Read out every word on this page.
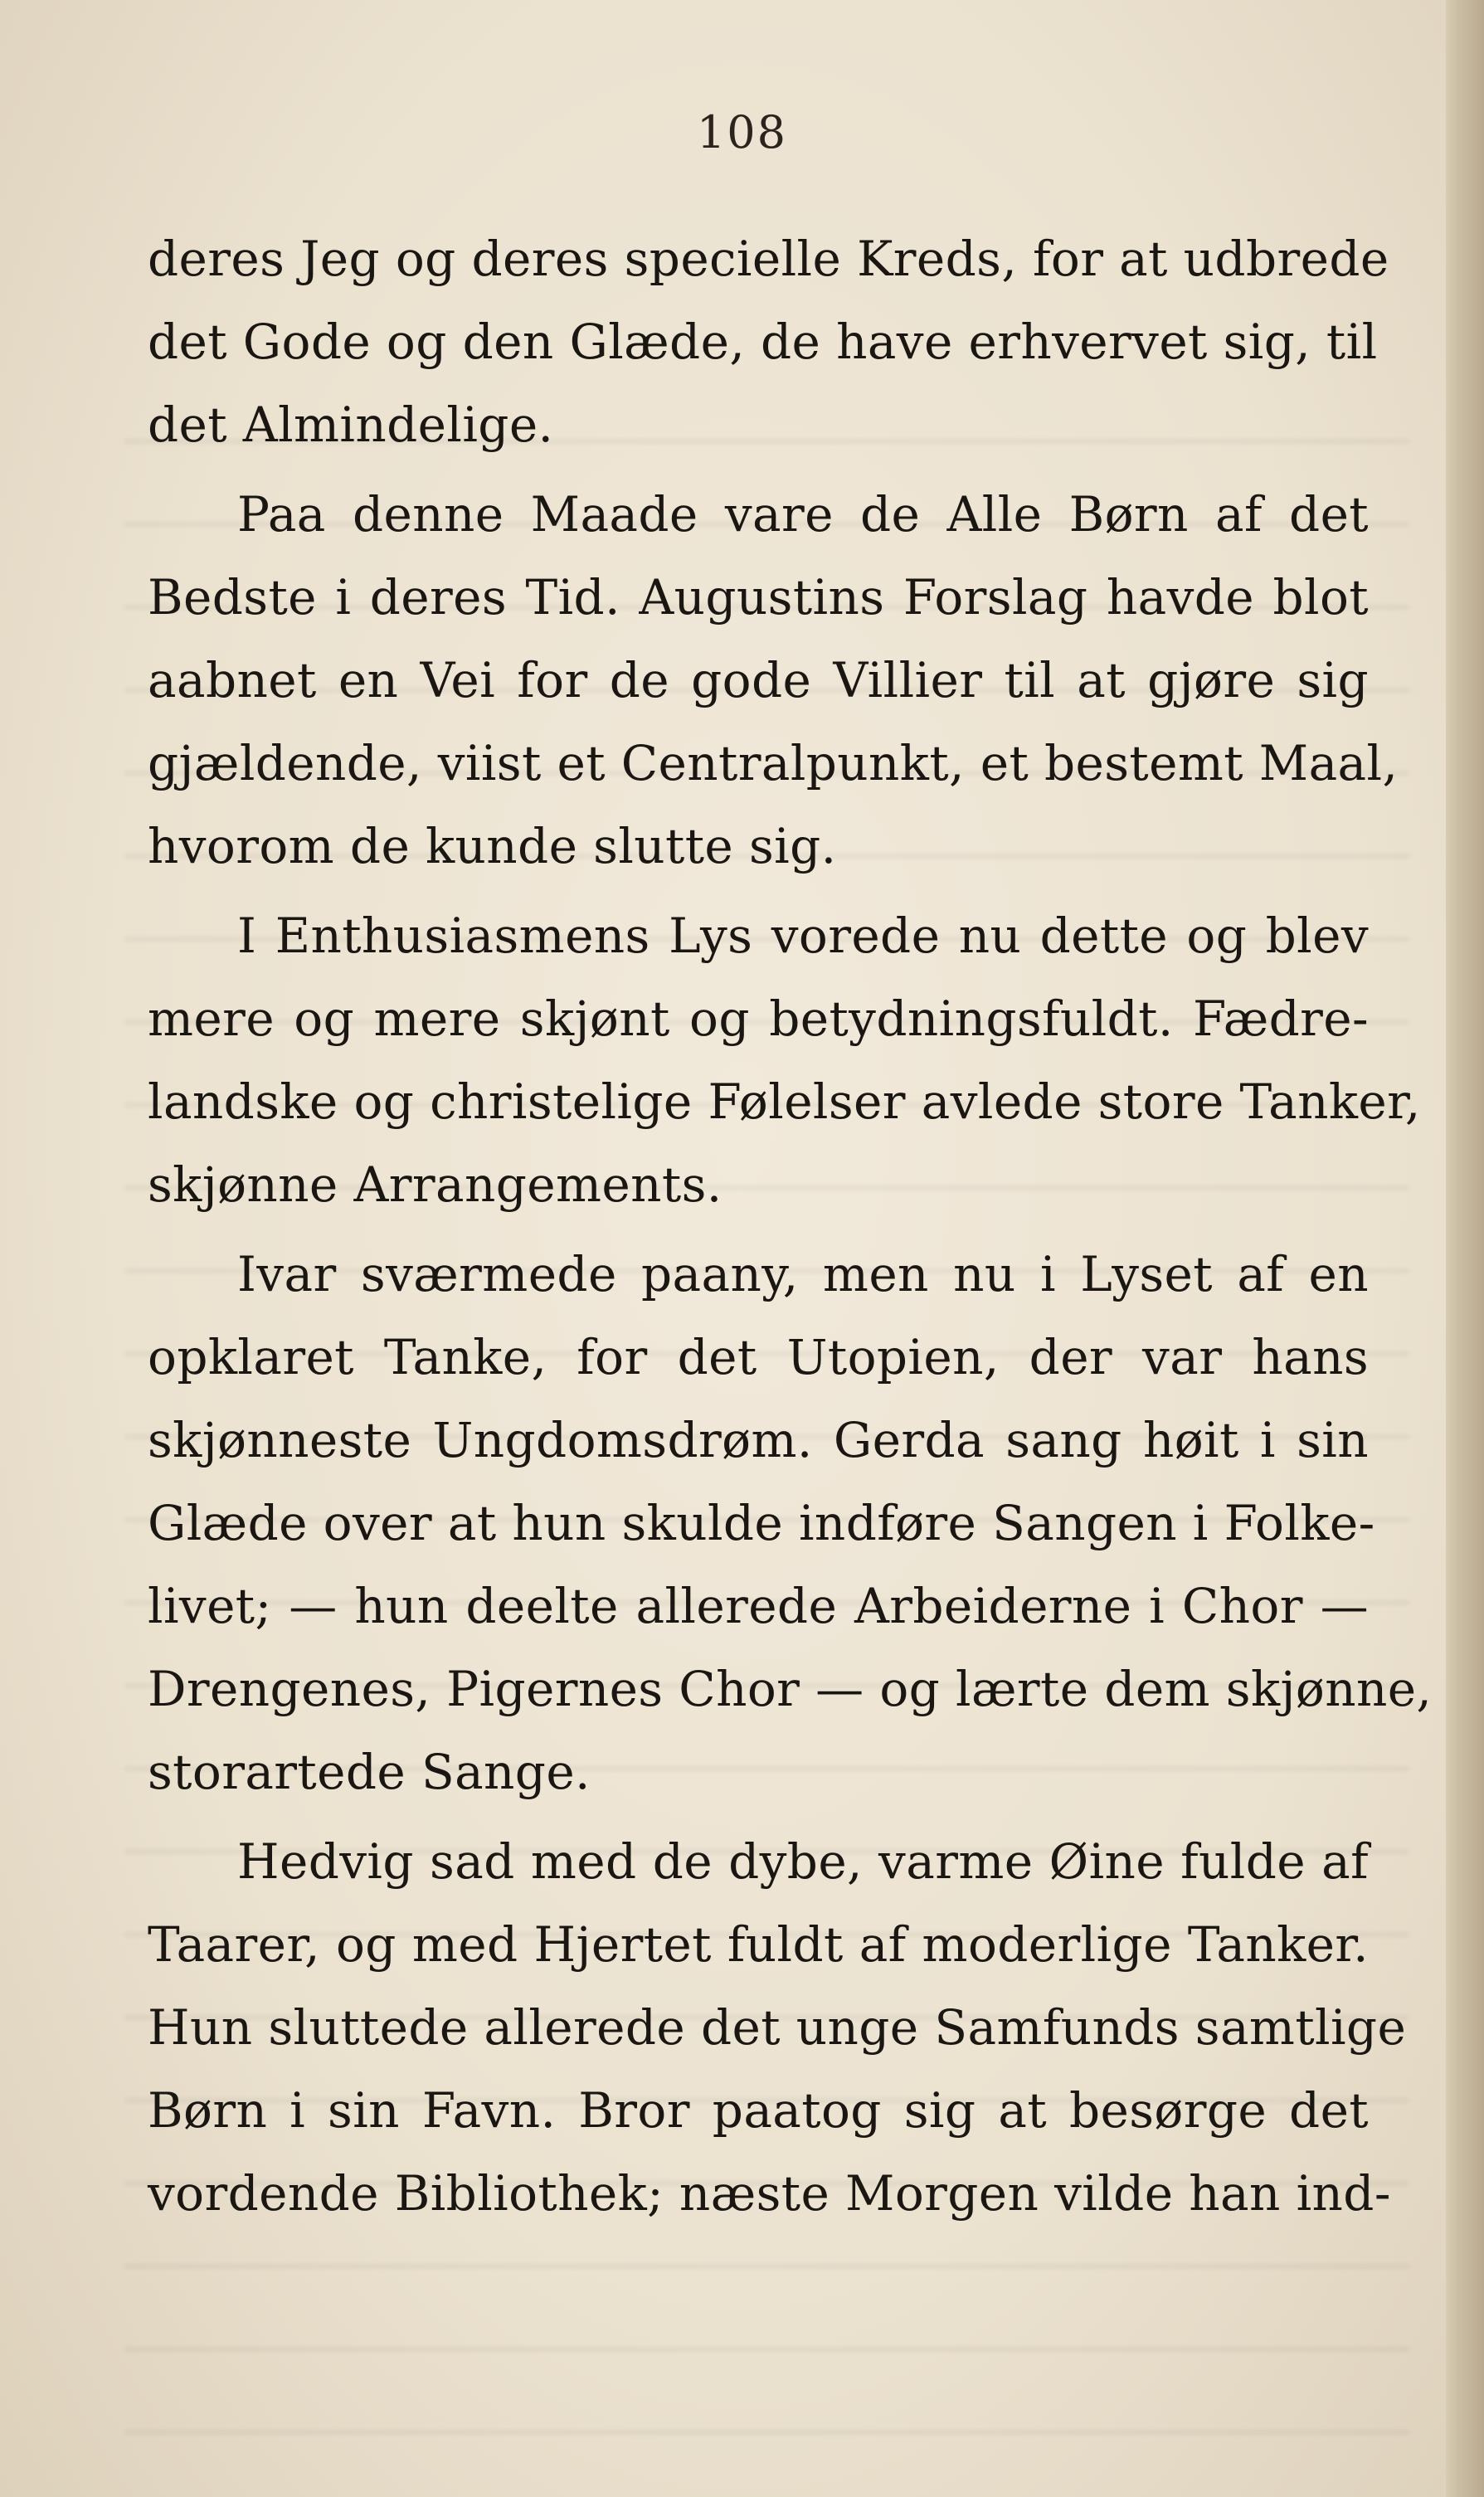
108
deres Jeg og deres specielle Kreds, for at udbrede
det Gode og den Glæde, de have erhvervet sig, til
det Almindelige.
Paa denne Maade vare de Alle Børn af det
Bedste i deres Tid. Augustins Forslag havde blot
aabnet en Vei for de gode Villier til at gjøre sig
gjældende, viist et Centralpunkt, et bestemt Maal,
hvorom de kunde slutte sig.
I Enthusiasmens Lys vorede nu dette og blev
mere og mere skjønt og betydningsfuldt. Fædre-
landske og christelige Følelser avlede store Tanker,
skjønne Arrangements.
Ivar sværmede paany, men nu i Lyset af en
opklaret Tanke, for det Utopien, der var hans
skjønneste Ungdomsdrøm. Gerda sang høit i sin
Glæde over at hun skulde indføre Sangen i Folke-
livet; — hun deelte allerede Arbeiderne i Chor —
Drengenes, Pigernes Chor — og lærte dem skjønne,
storartede Sange.
Hedvig sad med de dybe, varme Øine fulde af
Taarer, og med Hjertet fuldt af moderlige Tanker.
Hun sluttede allerede det unge Samfunds samtlige
Børn i sin Favn. Bror paatog sig at besørge det
vordende Bibliothek; næste Morgen vilde han ind-
